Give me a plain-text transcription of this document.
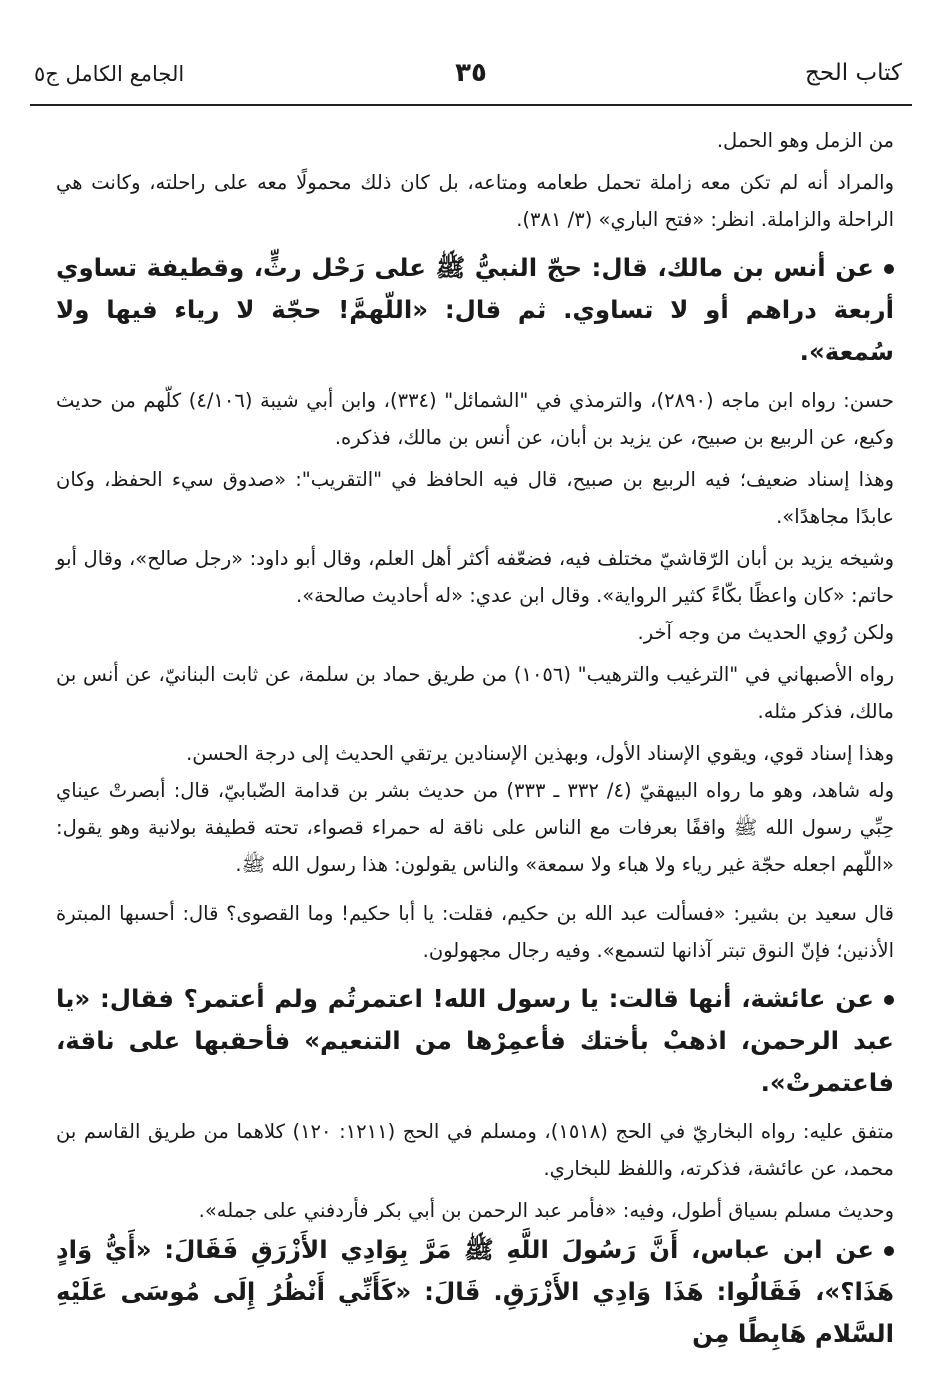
كتاب الحج
٣٥
الجامع الكامل ج٥

من الزمل وهو الحمل.

والمراد أنه لم تكن معه زاملة تحمل طعامه ومتاعه، بل كان ذلك محمولًا معه على راحلته، وكانت هي الراحلة والزاملة. انظر: «فتح الباري» (٣/ ٣٨١).

عن أنس بن مالك، قال: حجّ النبيُّ ﷺ على رَحْل رثٍّ، وقطيفة تساوي أربعة دراهم أو لا تساوي. ثم قال: «اللّهمَّ! حجّة لا رياء فيها ولا سُمعة».

حسن: رواه ابن ماجه (٢٨٩٠)، والترمذي في "الشمائل" (٣٣٤)، وابن أبي شيبة (٤/١٠٦) كلّهم من حديث وكيع، عن الربيع بن صبيح، عن يزيد بن أبان، عن أنس بن مالك، فذكره.

وهذا إسناد ضعيف؛ فيه الربيع بن صبيح، قال فيه الحافظ في "التقريب": «صدوق سيء الحفظ، وكان عابدًا مجاهدًا».

وشيخه يزيد بن أبان الرّقاشيّ مختلف فيه، فضعّفه أكثر أهل العلم، وقال أبو داود: «رجل صالح»، وقال أبو حاتم: «كان واعظًا بكّاءً كثير الرواية». وقال ابن عدي: «له أحاديث صالحة».

ولكن رُوي الحديث من وجه آخر.

رواه الأصبهاني في "الترغيب والترهيب" (١٠٥٦) من طريق حماد بن سلمة، عن ثابت البنانيّ، عن أنس بن مالك، فذكر مثله.

وهذا إسناد قوي، ويقوي الإسناد الأول، وبهذين الإسنادين يرتقي الحديث إلى درجة الحسن.

وله شاهد، وهو ما رواه البيهقيّ (٤/ ٣٣٢ ـ ٣٣٣) من حديث بشر بن قدامة الضّبابيّ، قال: أبصرتْ عيناي حِبِّي رسول الله ﷺ واقفًا بعرفات مع الناس على ناقة له حمراء قصواء، تحته قطيفة بولانية وهو يقول: «اللّهم اجعله حجّة غير رياء ولا هباء ولا سمعة» والناس يقولون: هذا رسول الله ﷺ.

قال سعيد بن بشير: «فسألت عبد الله بن حكيم، فقلت: يا أبا حكيم! وما القصوى؟ قال: أحسبها المبترة الأذنين؛ فإنّ النوق تبتر آذانها لتسمع». وفيه رجال مجهولون.

عن عائشة، أنها قالت: يا رسول الله! اعتمرتُم ولم أعتمر؟ فقال: «يا عبد الرحمن، اذهبْ بأختك فأعمِرْها من التنعيم» فأحقبها على ناقة، فاعتمرتْ».

متفق عليه: رواه البخاريّ في الحج (١٥١٨)، ومسلم في الحج (١٢١١: ١٢٠) كلاهما من طريق القاسم بن محمد، عن عائشة، فذكرته، واللفظ للبخاري.

وحديث مسلم بسياق أطول، وفيه: «فأمر عبد الرحمن بن أبي بكر فأردفني على جمله».

عن ابن عباس، أَنَّ رَسُولَ اللَّهِ ﷺ مَرَّ بِوَادِي الأَزْرَقِ فَقَالَ: «أَيُّ وَادٍ هَذَا؟»، فَقَالُوا: هَذَا وَادِي الأَزْرَقِ. قَالَ: «كَأَنِّي أَنْظُرُ إِلَى مُوسَى عَلَيْهِ السَّلام هَابِطًا مِن
